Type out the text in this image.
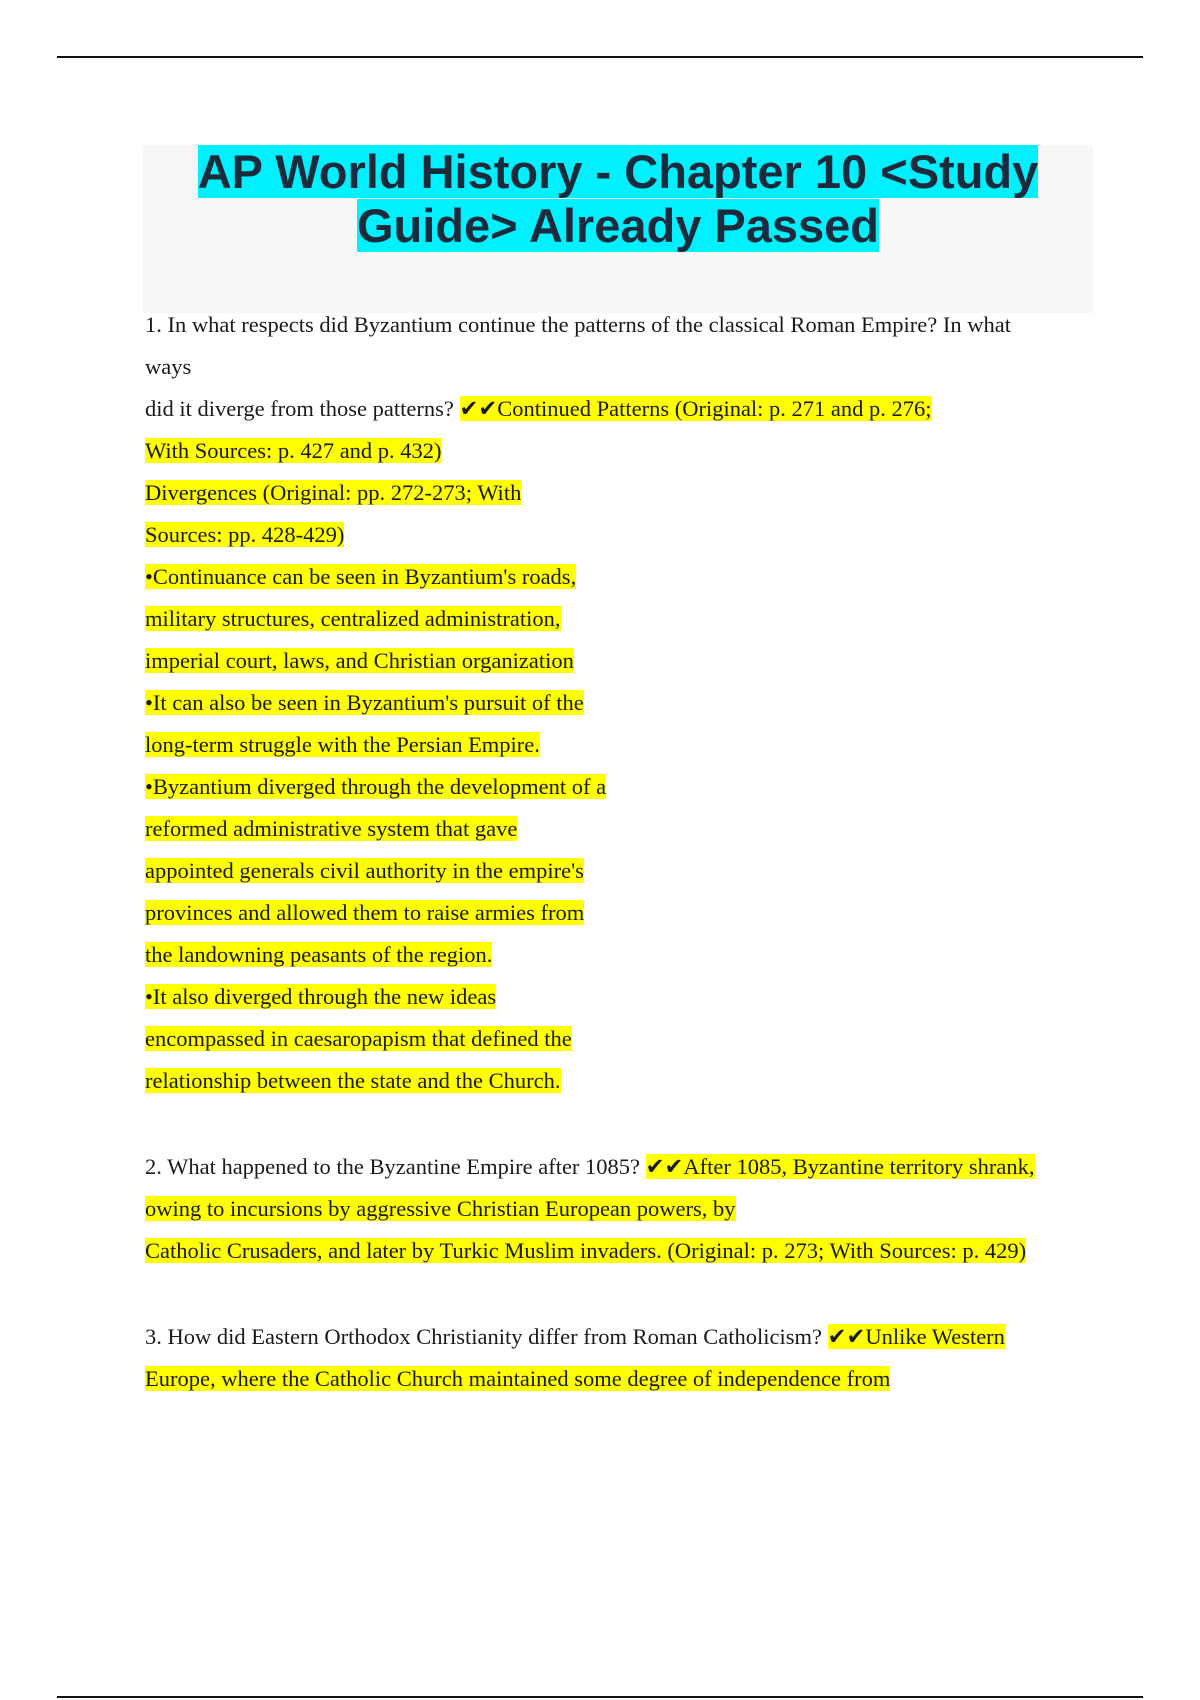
AP World History - Chapter 10 <Study
Guide> Already Passed
1. In what respects did Byzantium continue the patterns of the classical Roman Empire? In what
ways
did it diverge from those patterns? ✔✔Continued Patterns (Original: p. 271 and p. 276;
With Sources: p. 427 and p. 432)
Divergences (Original: pp. 272-273; With
Sources: pp. 428-429)
•Continuance can be seen in Byzantium's roads,
military structures, centralized administration,
imperial court, laws, and Christian organization
•It can also be seen in Byzantium's pursuit of the
long-term struggle with the Persian Empire.
•Byzantium diverged through the development of a
reformed administrative system that gave
appointed generals civil authority in the empire's
provinces and allowed them to raise armies from
the landowning peasants of the region.
•It also diverged through the new ideas
encompassed in caesaropapism that defined the
relationship between the state and the Church.
2. What happened to the Byzantine Empire after 1085? ✔✔After 1085, Byzantine territory shrank,
owing to incursions by aggressive Christian European powers, by
Catholic Crusaders, and later by Turkic Muslim invaders. (Original: p. 273; With Sources: p. 429)
3. How did Eastern Orthodox Christianity differ from Roman Catholicism? ✔✔Unlike Western
Europe, where the Catholic Church maintained some degree of independence from
